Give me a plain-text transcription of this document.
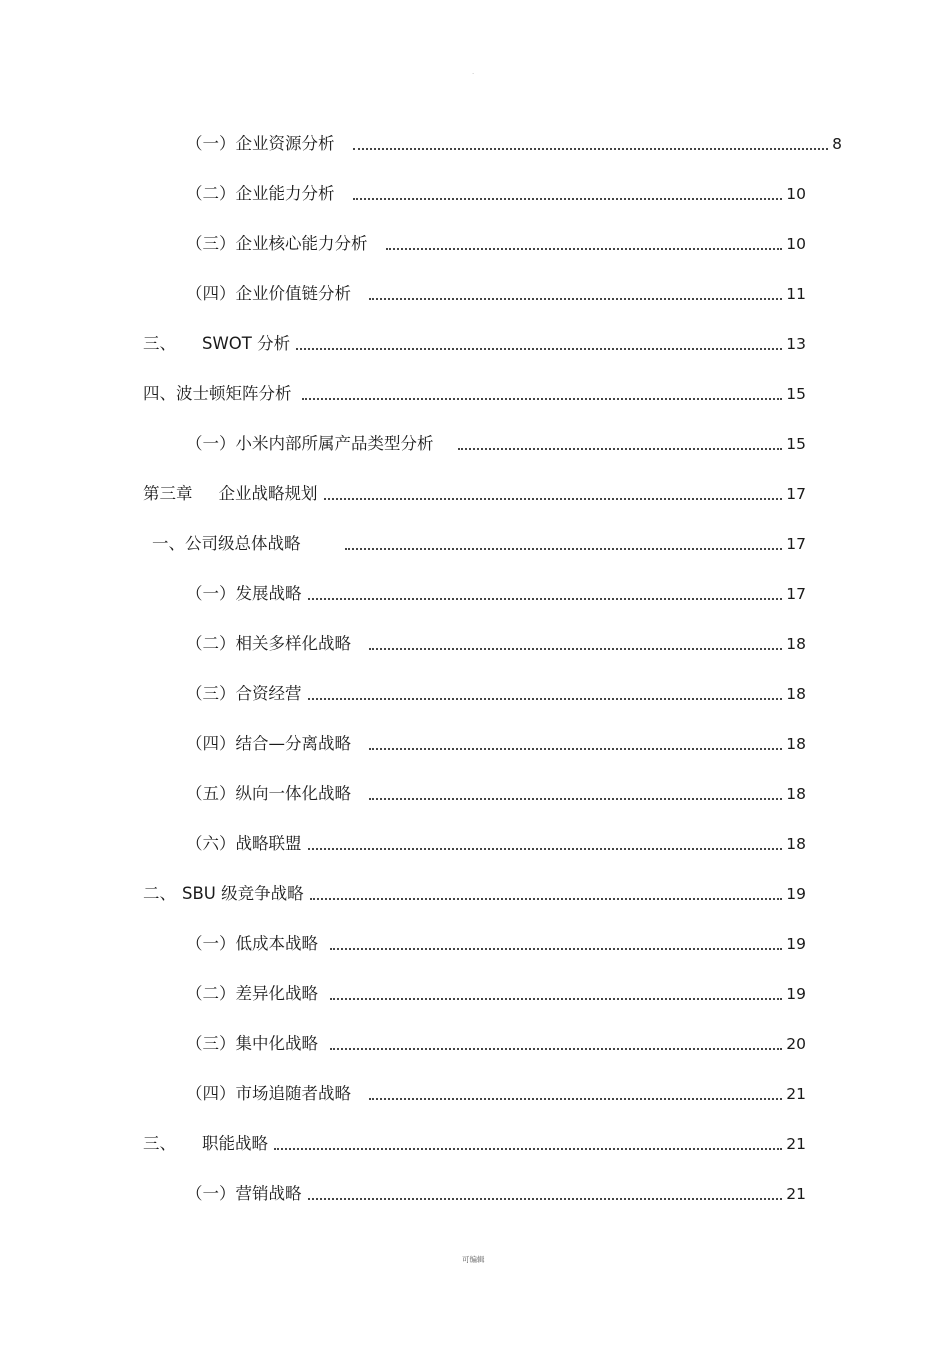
·
（一）企业资源分析	8
（二）企业能力分析	10
（三）企业核心能力分析	10
（四）企业价值链分析	11
三、 SWOT 分析	13
四、波士顿矩阵分析	15
（一）小米内部所属产品类型分析	15
第三章 企业战略规划	17
一、公司级总体战略	17
（一）发展战略	17
（二）相关多样化战略	18
（三）合资经营	18
（四）结合—分离战略	18
（五）纵向一体化战略	18
（六）战略联盟	18
二、 SBU 级竞争战略	19
（一）低成本战略	19
（二）差异化战略	19
（三）集中化战略	20
（四）市场追随者战略	21
三、 职能战略	21
（一）营销战略	21
可编辑
